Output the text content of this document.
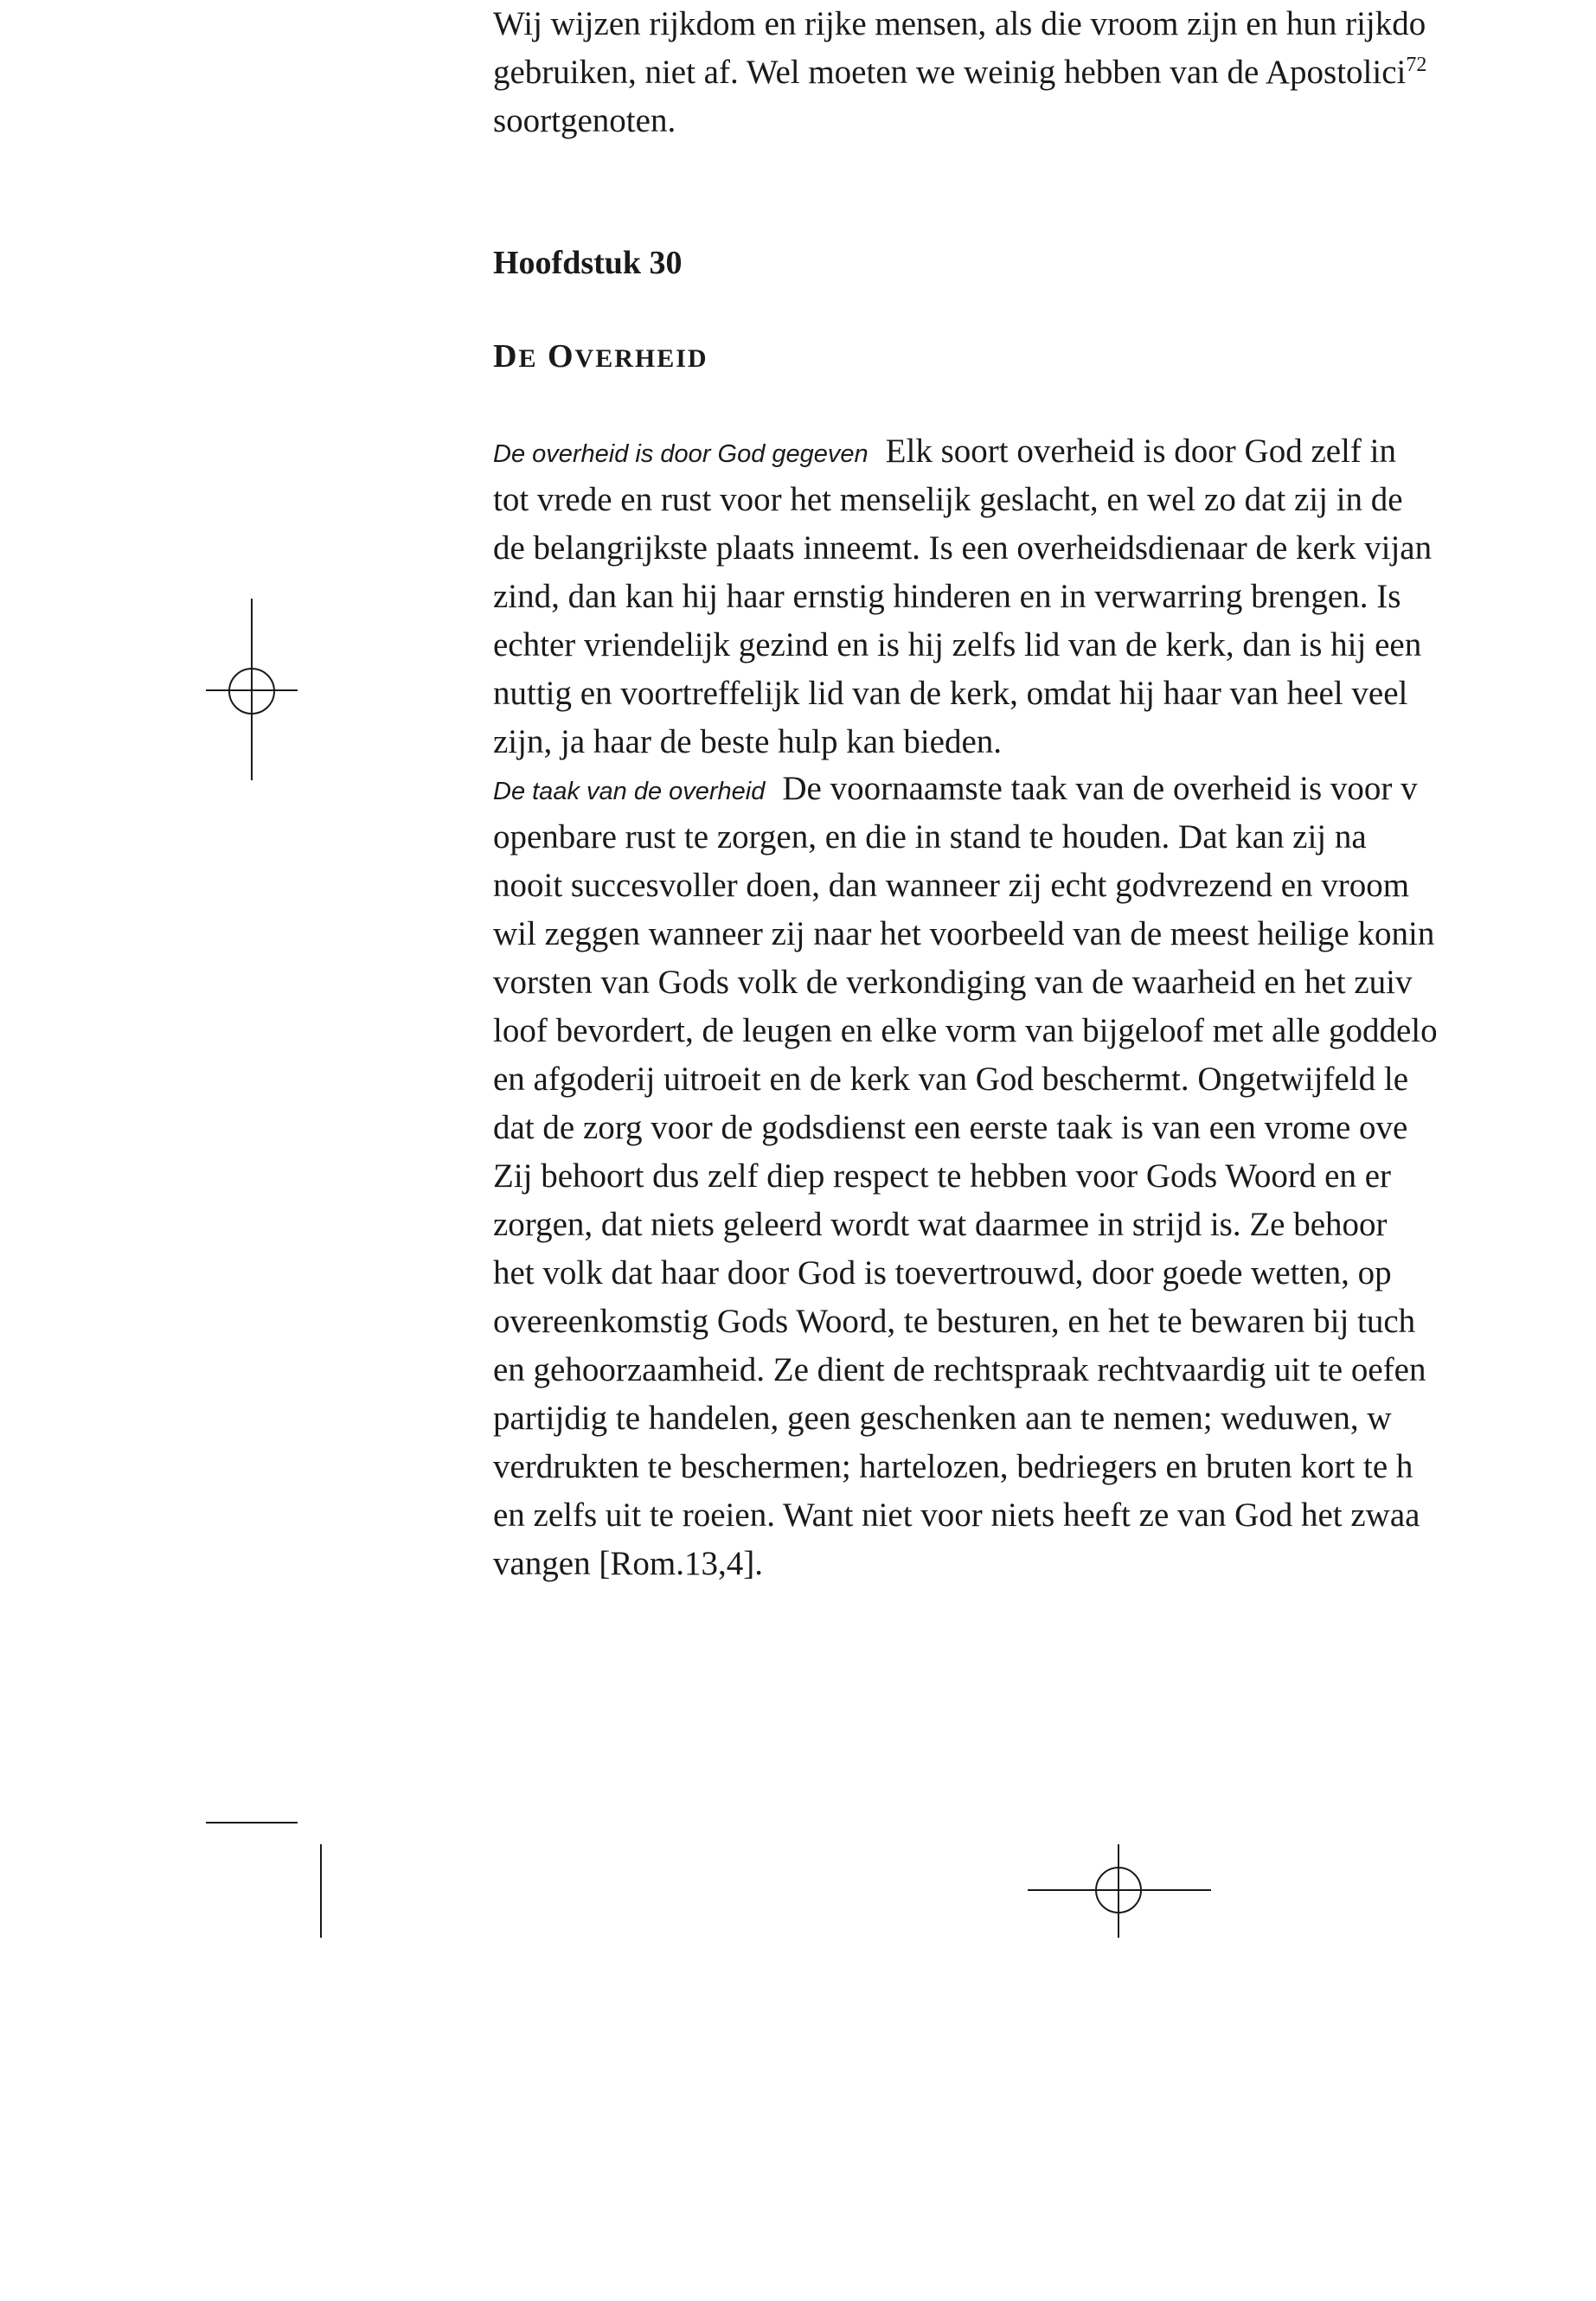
Wij wijzen rijkdom en rijke mensen, als die vroom zijn en hun rijkdo
gebruiken, niet af. Wel moeten we weinig hebben van de Apostolici$^{72}$
soortgenoten.
Hoofdstuk 30
DE OVERHEID
De overheid is door God gegeven Elk soort overheid is door God zelf in
tot vrede en rust voor het menselijk geslacht, en wel zo dat zij in de
de belangrijkste plaats inneemt. Is een overheidsdienaar de kerk vijan
zind, dan kan hij haar ernstig hinderen en in verwarring brengen. Is
echter vriendelijk gezind en is hij zelfs lid van de kerk, dan is hij een
nuttig en voortreffelijk lid van de kerk, omdat hij haar van heel veel
zijn, ja haar de beste hulp kan bieden.
De taak van de overheid De voornaamste taak van de overheid is voor v
openbare rust te zorgen, en die in stand te houden. Dat kan zij na
nooit succesvoller doen, dan wanneer zij echt godvrezend en vroom
wil zeggen wanneer zij naar het voorbeeld van de meest heilige konin
vorsten van Gods volk de verkondiging van de waarheid en het zuiv
loof bevordert, de leugen en elke vorm van bijgeloof met alle goddelo
en afgoderij uitroeit en de kerk van God beschermt. Ongetwijfeld le
dat de zorg voor de godsdienst een eerste taak is van een vrome ove
Zij behoort dus zelf diep respect te hebben voor Gods Woord en er
zorgen, dat niets geleerd wordt wat daarmee in strijd is. Ze behoor
het volk dat haar door God is toevertrouwd, door goede wetten, op
overeenkomstig Gods Woord, te besturen, en het te bewaren bij tuch
en gehoorzaamheid. Ze dient de rechtspraak rechtvaardig uit te oefen
partijdig te handelen, geen geschenken aan te nemen; weduwen, w
verdrukten te beschermen; hartelozen, bedriegers en bruten kort te h
en zelfs uit te roeien. Want niet voor niets heeft ze van God het zwaa
vangen [Rom.13,4].
